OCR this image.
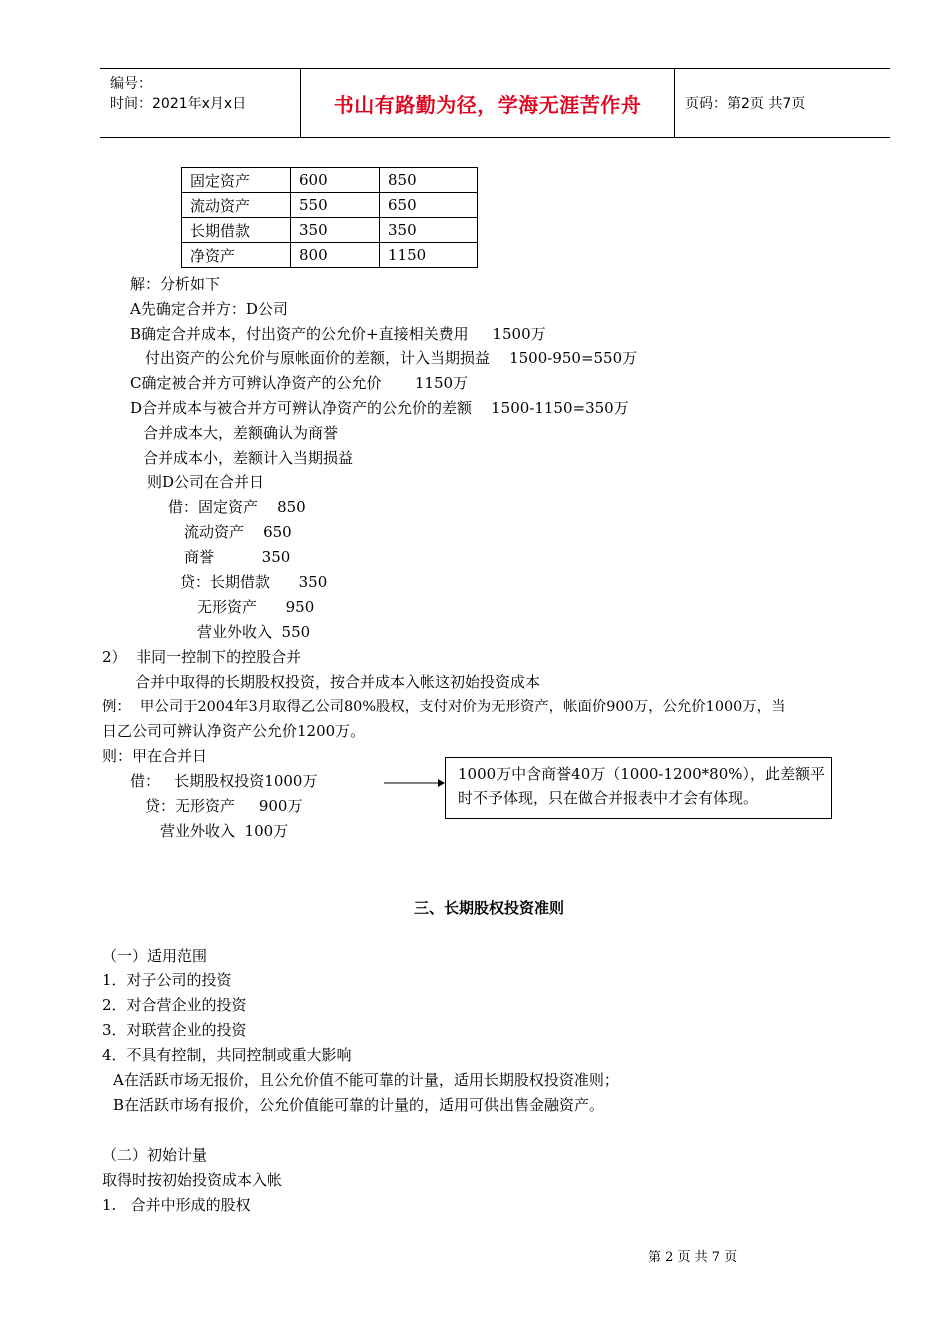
编号：
时间：2021年x月x日	书山有路勤为径，学海无涯苦作舟	页码：第2页 共7页
固定资产	600	850
流动资产	550	650
长期借款	350	350
净资产	800	1150
解：分析如下
A先确定合并方：D公司
B确定合并成本，付出资产的公允价+直接相关费用     1500万
付出资产的公允价与原帐面价的差额，计入当期损益    1500-950=550万
C确定被合并方可辨认净资产的公允价       1150万
D合并成本与被合并方可辨认净资产的公允价的差额    1500-1150=350万
合并成本大，差额确认为商誉
合并成本小，差额计入当期损益
则D公司在合并日
借：固定资产    850
流动资产    650
商誉          350
贷：长期借款      350
无形资产      950
营业外收入  550
2）  非同一控制下的控股合并
合并中取得的长期股权投资，按合并成本入帐这初始投资成本
例：  甲公司于2004年3月取得乙公司80%股权，支付对价为无形资产，帐面价900万，公允价1000万，当
日乙公司可辨认净资产公允价1200万。
则：甲在合并日
借：   长期股权投资1000万
贷：无形资产     900万
营业外收入  100万
1000万中含商誉40万（1000-1200*80%），此差额平时不予体现，只在做合并报表中才会有体现。
三、长期股权投资准则
（一）适用范围
1．对子公司的投资
2．对合营企业的投资
3．对联营企业的投资
4．不具有控制，共同控制或重大影响
A在活跃市场无报价，且公允价值不能可靠的计量，适用长期股权投资准则；
B在活跃市场有报价，公允价值能可靠的计量的，适用可供出售金融资产。
（二）初始计量
取得时按初始投资成本入帐
1.   合并中形成的股权
第 2 页 共 7 页
